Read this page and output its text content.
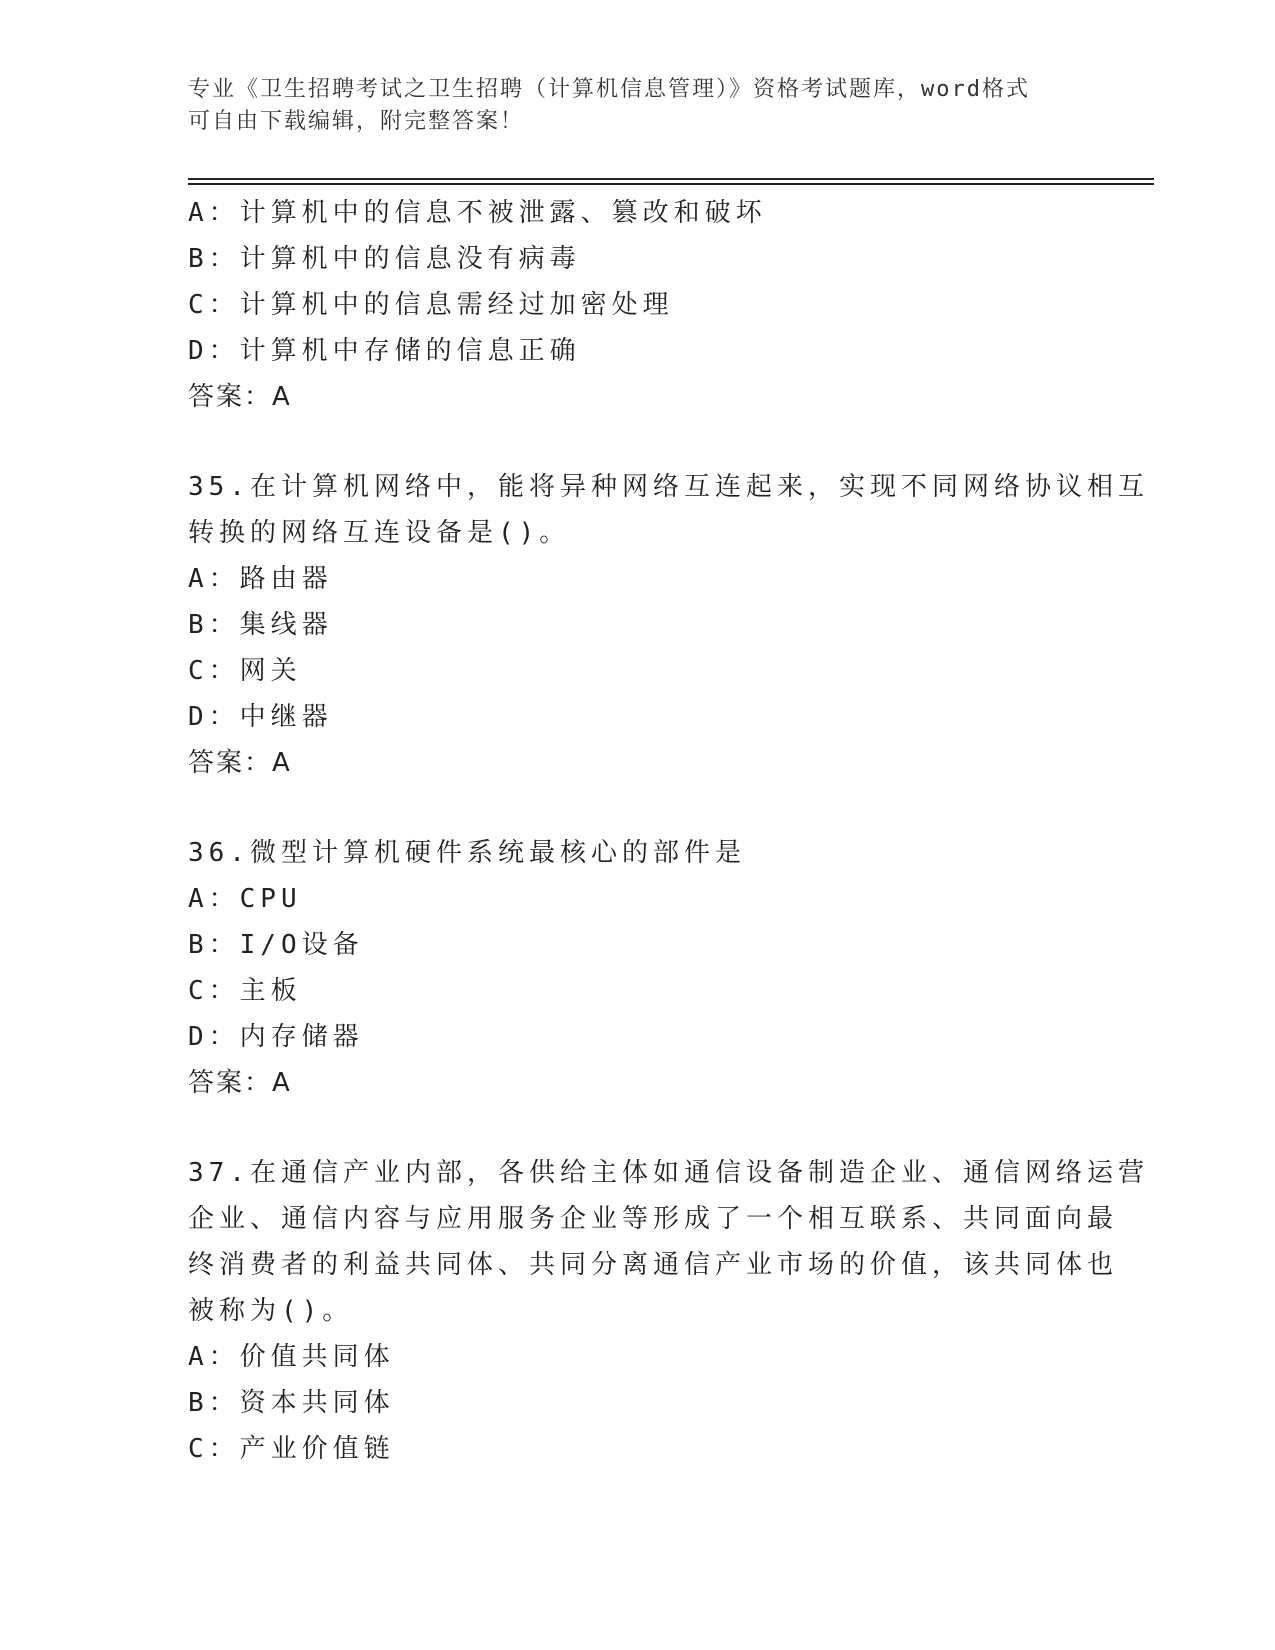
专业《卫生招聘考试之卫生招聘（计算机信息管理）》资格考试题库，word格式
可自由下载编辑，附完整答案！
A：计算机中的信息不被泄露、篡改和破坏
B：计算机中的信息没有病毒
C：计算机中的信息需经过加密处理
D：计算机中存储的信息正确
答案：A
35.在计算机网络中，能将异种网络互连起来，实现不同网络协议相互
转换的网络互连设备是()。
A：路由器
B：集线器
C：网关
D：中继器
答案：A
36.微型计算机硬件系统最核心的部件是
A：CPU
B：I/O设备
C：主板
D：内存储器
答案：A
37.在通信产业内部，各供给主体如通信设备制造企业、通信网络运营
企业、通信内容与应用服务企业等形成了一个相互联系、共同面向最
终消费者的利益共同体、共同分离通信产业市场的价值，该共同体也
被称为()。
A：价值共同体
B：资本共同体
C：产业价值链
